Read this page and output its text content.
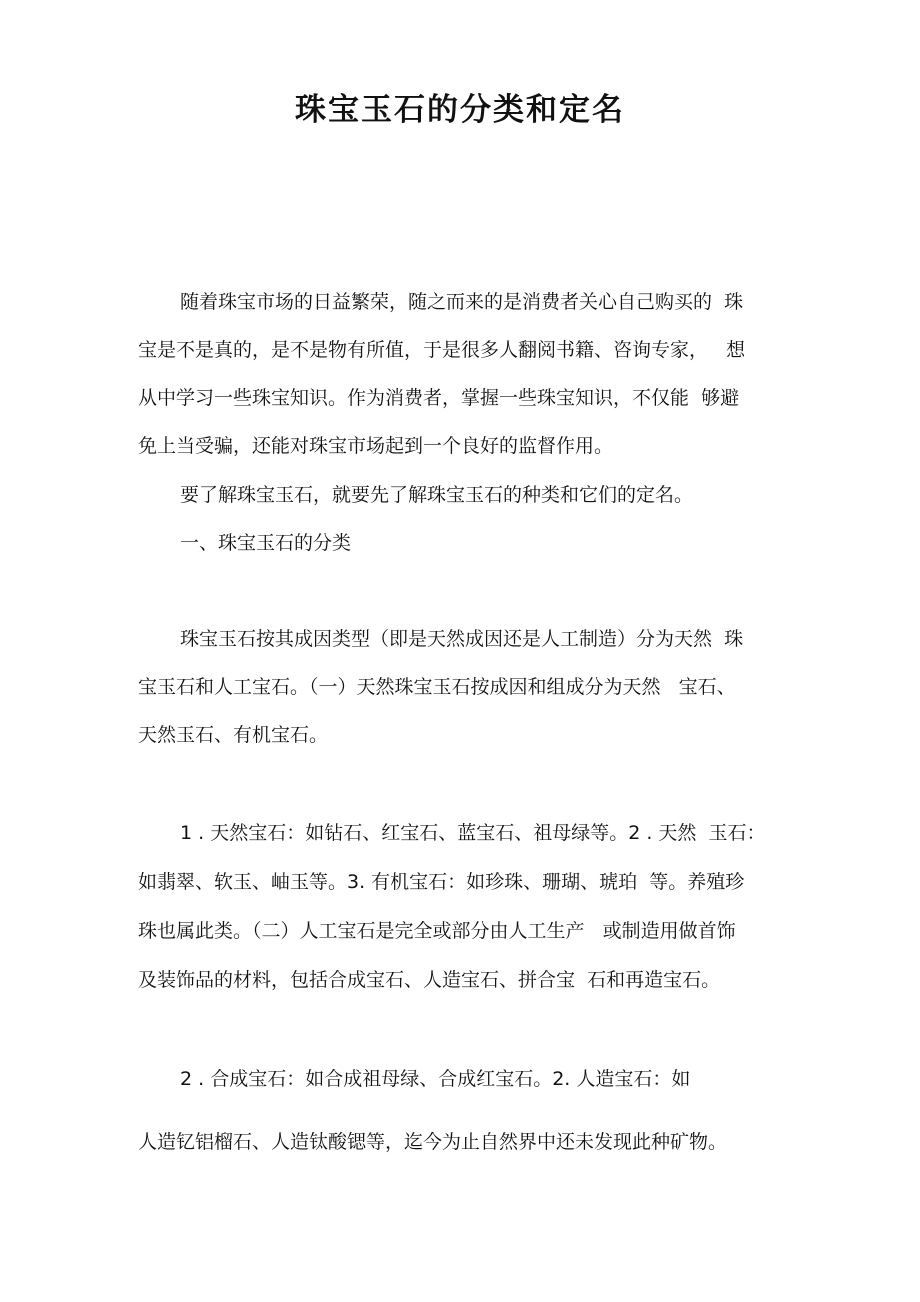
珠宝玉石的分类和定名

随着珠宝市场的日益繁荣，随之而来的是消费者关心自己购买的  珠

宝是不是真的，是不是物有所值，于是很多人翻阅书籍、咨询专家，   想

从中学习一些珠宝知识。作为消费者，掌握一些珠宝知识，不仅能  够避

免上当受骗，还能对珠宝市场起到一个良好的监督作用。

要了解珠宝玉石，就要先了解珠宝玉石的种类和它们的定名。

一、珠宝玉石的分类

珠宝玉石按其成因类型（即是天然成因还是人工制造）分为天然  珠

宝玉石和人工宝石。（一）天然珠宝玉石按成因和组成分为天然   宝石、

天然玉石、有机宝石。

1 . 天然宝石：如钻石、红宝石、蓝宝石、祖母绿等。2 . 天然  玉石：

如翡翠、软玉、岫玉等。3. 有机宝石：如珍珠、珊瑚、琥珀  等。养殖珍

珠也属此类。（二）人工宝石是完全或部分由人工生产   或制造用做首饰

及装饰品的材料，包括合成宝石、人造宝石、拼合宝  石和再造宝石。

2 . 合成宝石：如合成祖母绿、合成红宝石。2. 人造宝石：如

人造钇铝榴石、人造钛酸锶等，迄今为止自然界中还未发现此种矿物。
